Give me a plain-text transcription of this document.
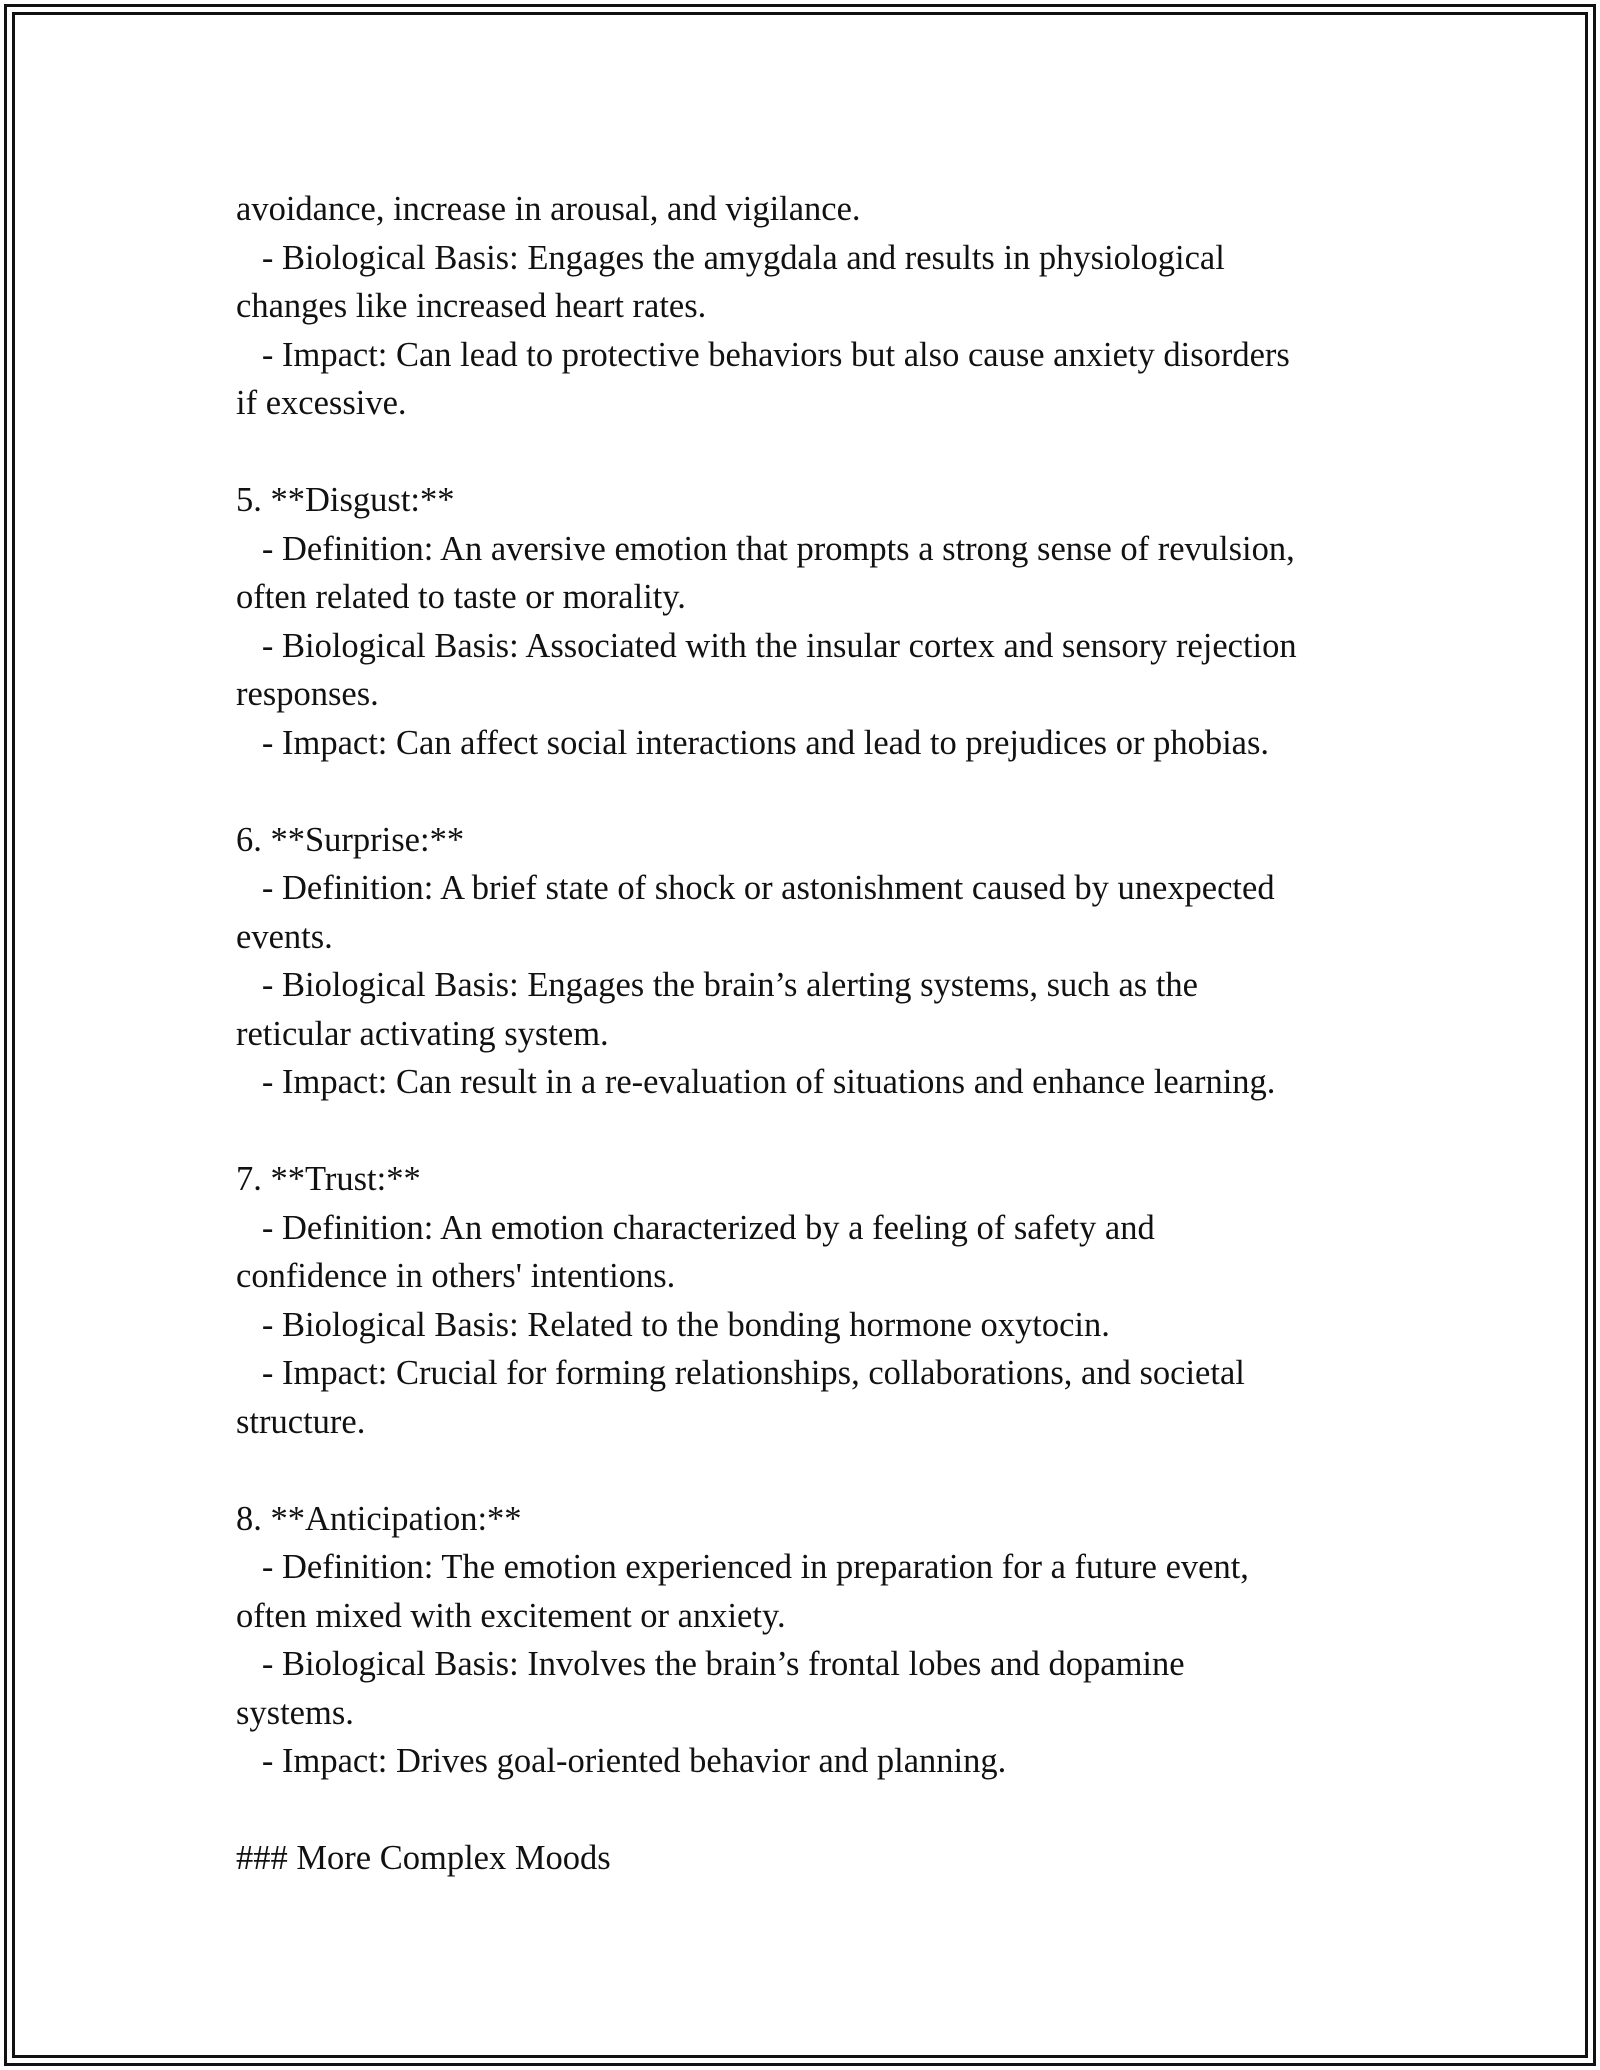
avoidance, increase in arousal, and vigilance.

- Biological Basis: Engages the amygdala and results in physiological

changes like increased heart rates.

- Impact: Can lead to protective behaviors but also cause anxiety disorders

if excessive.

5. **Disgust:**

- Definition: An aversive emotion that prompts a strong sense of revulsion,

often related to taste or morality.

- Biological Basis: Associated with the insular cortex and sensory rejection

responses.

- Impact: Can affect social interactions and lead to prejudices or phobias.

6. **Surprise:**

- Definition: A brief state of shock or astonishment caused by unexpected

events.

- Biological Basis: Engages the brain’s alerting systems, such as the

reticular activating system.

- Impact: Can result in a re-evaluation of situations and enhance learning.

7. **Trust:**

- Definition: An emotion characterized by a feeling of safety and

confidence in others' intentions.

- Biological Basis: Related to the bonding hormone oxytocin.

- Impact: Crucial for forming relationships, collaborations, and societal

structure.

8. **Anticipation:**

- Definition: The emotion experienced in preparation for a future event,

often mixed with excitement or anxiety.

- Biological Basis: Involves the brain’s frontal lobes and dopamine

systems.

- Impact: Drives goal-oriented behavior and planning.

### More Complex Moods
